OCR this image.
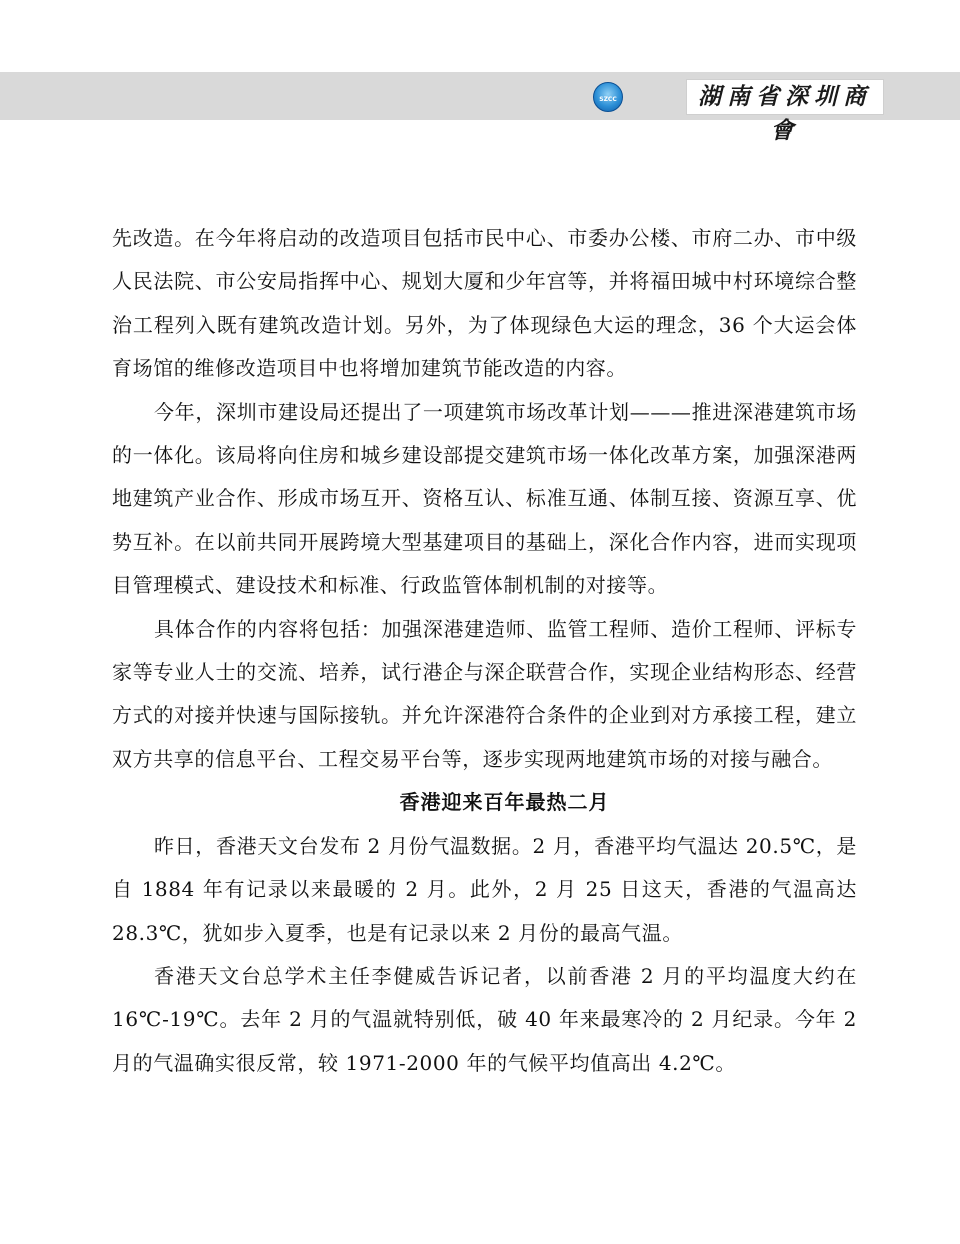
SZCC	湖南省深圳商會

先改造。在今年将启动的改造项目包括市民中心、市委办公楼、市府二办、市中级人民法院、市公安局指挥中心、规划大厦和少年宫等，并将福田城中村环境综合整治工程列入既有建筑改造计划。另外，为了体现绿色大运的理念，36 个大运会体育场馆的维修改造项目中也将增加建筑节能改造的内容。

今年，深圳市建设局还提出了一项建筑市场改革计划———推进深港建筑市场的一体化。该局将向住房和城乡建设部提交建筑市场一体化改革方案，加强深港两地建筑产业合作、形成市场互开、资格互认、标准互通、体制互接、资源互享、优势互补。在以前共同开展跨境大型基建项目的基础上，深化合作内容，进而实现项目管理模式、建设技术和标准、行政监管体制机制的对接等。

具体合作的内容将包括：加强深港建造师、监管工程师、造价工程师、评标专家等专业人士的交流、培养，试行港企与深企联营合作，实现企业结构形态、经营方式的对接并快速与国际接轨。并允许深港符合条件的企业到对方承接工程，建立双方共享的信息平台、工程交易平台等，逐步实现两地建筑市场的对接与融合。

香港迎来百年最热二月

昨日，香港天文台发布 2 月份气温数据。2 月，香港平均气温达 20.5℃，是自 1884 年有记录以来最暖的 2 月。此外，2 月 25 日这天，香港的气温高达 28.3℃，犹如步入夏季，也是有记录以来 2 月份的最高气温。

香港天文台总学术主任李健威告诉记者，以前香港 2 月的平均温度大约在 16℃-19℃。去年 2 月的气温就特别低，破 40 年来最寒冷的 2 月纪录。今年 2 月的气温确实很反常，较 1971-2000 年的气候平均值高出 4.2℃。
